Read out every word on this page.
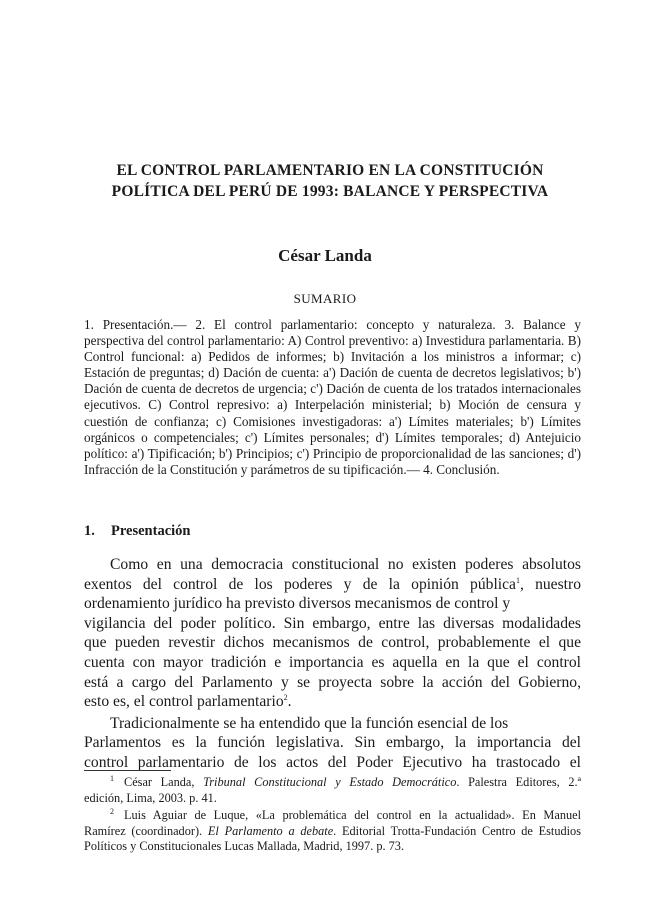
EL CONTROL PARLAMENTARIO EN LA CONSTITUCIÓN
POLÍTICA DEL PERÚ DE 1993: BALANCE Y PERSPECTIVA
César Landa
SUMARIO
1. Presentación.— 2. El control parlamentario: concepto y naturaleza. 3. Balance y perspectiva del control parlamentario: A) Control preventivo: a) Investidura parlamentaria. B) Control funcional: a) Pedidos de informes; b) Invitación a los ministros a informar; c) Estación de preguntas; d) Dación de cuenta: a') Dación de cuenta de decretos legislativos; b') Dación de cuenta de decretos de urgencia; c') Dación de cuenta de los tratados internacionales ejecutivos. C) Control represivo: a) Interpelación ministerial; b) Moción de censura y cuestión de confianza; c) Comisiones investigadoras: a') Límites materiales; b') Límites orgánicos o competenciales; c') Límites personales; d') Límites temporales; d) Antejuicio político: a') Tipificación; b') Principios; c') Principio de proporcionalidad de las sanciones; d') Infracción de la Constitución y parámetros de su tipificación.— 4. Conclusión.
1. Presentación
Como en una democracia constitucional no existen poderes absolutos
exentos del control de los poderes y de la opinión pública$^1$, nuestro
ordenamiento jurídico ha previsto diversos mecanismos de control y
vigilancia del poder político. Sin embargo, entre las diversas modalidades
que pueden revestir dichos mecanismos de control, probablemente el que
cuenta con mayor tradición e importancia es aquella en la que el control
está a cargo del Parlamento y se proyecta sobre la acción del Gobierno,
esto es, el control parlamentario$^2$.
Tradicionalmente se ha entendido que la función esencial de los
Parlamentos es la función legislativa. Sin embargo, la importancia del
control parlamentario de los actos del Poder Ejecutivo ha trastocado el
$^1$ César Landa, Tribunal Constitucional y Estado Democrático. Palestra Editores, 2.ª
edición, Lima, 2003. p. 41.
$^2$ Luis Aguiar de Luque, «La problemática del control en la actualidad». En Manuel
Ramírez (coordinador). El Parlamento a debate. Editorial Trotta-Fundación Centro de Estudios
Políticos y Constitucionales Lucas Mallada, Madrid, 1997. p. 73.
